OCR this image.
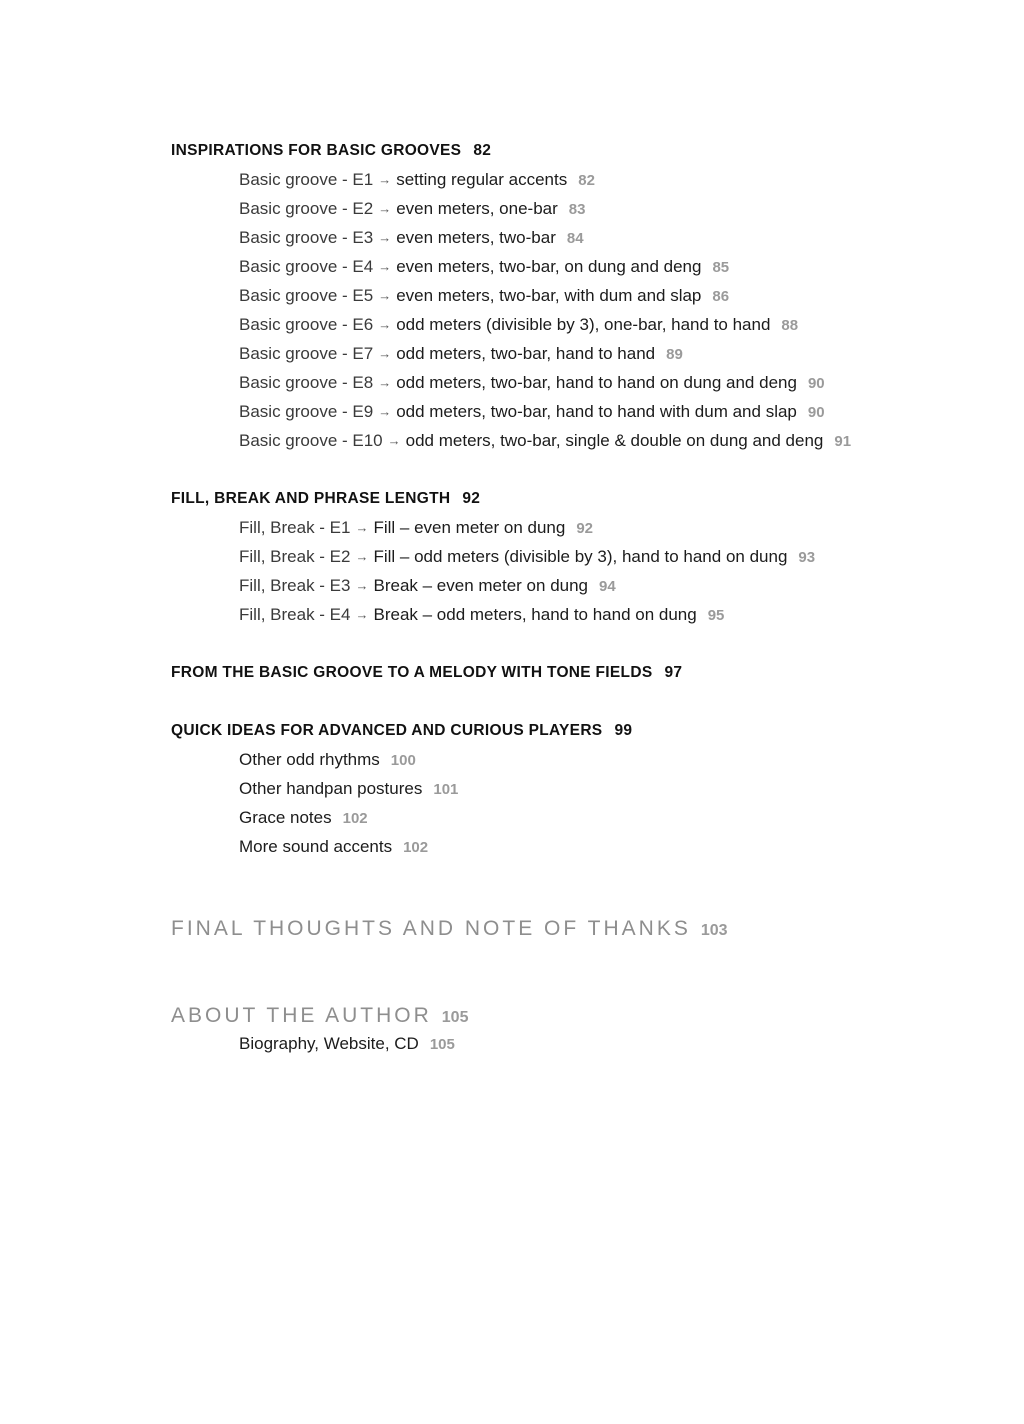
INSPIRATIONS FOR BASIC GROOVES 82
Basic groove - E1 → setting regular accents 82
Basic groove - E2 → even meters, one-bar 83
Basic groove - E3 → even meters, two-bar 84
Basic groove - E4 → even meters, two-bar, on dung and deng 85
Basic groove - E5 → even meters, two-bar, with dum and slap 86
Basic groove - E6 → odd meters (divisible by 3), one-bar, hand to hand 88
Basic groove - E7 → odd meters, two-bar, hand to hand 89
Basic groove - E8 → odd meters, two-bar, hand to hand on dung and deng 90
Basic groove - E9 → odd meters, two-bar, hand to hand with dum and slap 90
Basic groove - E10 → odd meters, two-bar, single & double on dung and deng 91
FILL, BREAK AND PHRASE LENGTH 92
Fill, Break - E1 → Fill – even meter on dung 92
Fill, Break - E2 → Fill – odd meters (divisible by 3), hand to hand on dung 93
Fill, Break - E3 → Break – even meter on dung 94
Fill, Break - E4 → Break – odd meters, hand to hand on dung 95
FROM THE BASIC GROOVE TO A MELODY WITH TONE FIELDS 97
QUICK IDEAS FOR ADVANCED AND CURIOUS PLAYERS 99
Other odd rhythms 100
Other handpan postures 101
Grace notes 102
More sound accents 102
FINAL THOUGHTS AND NOTE OF THANKS 103
ABOUT THE AUTHOR 105
Biography, Website, CD 105
